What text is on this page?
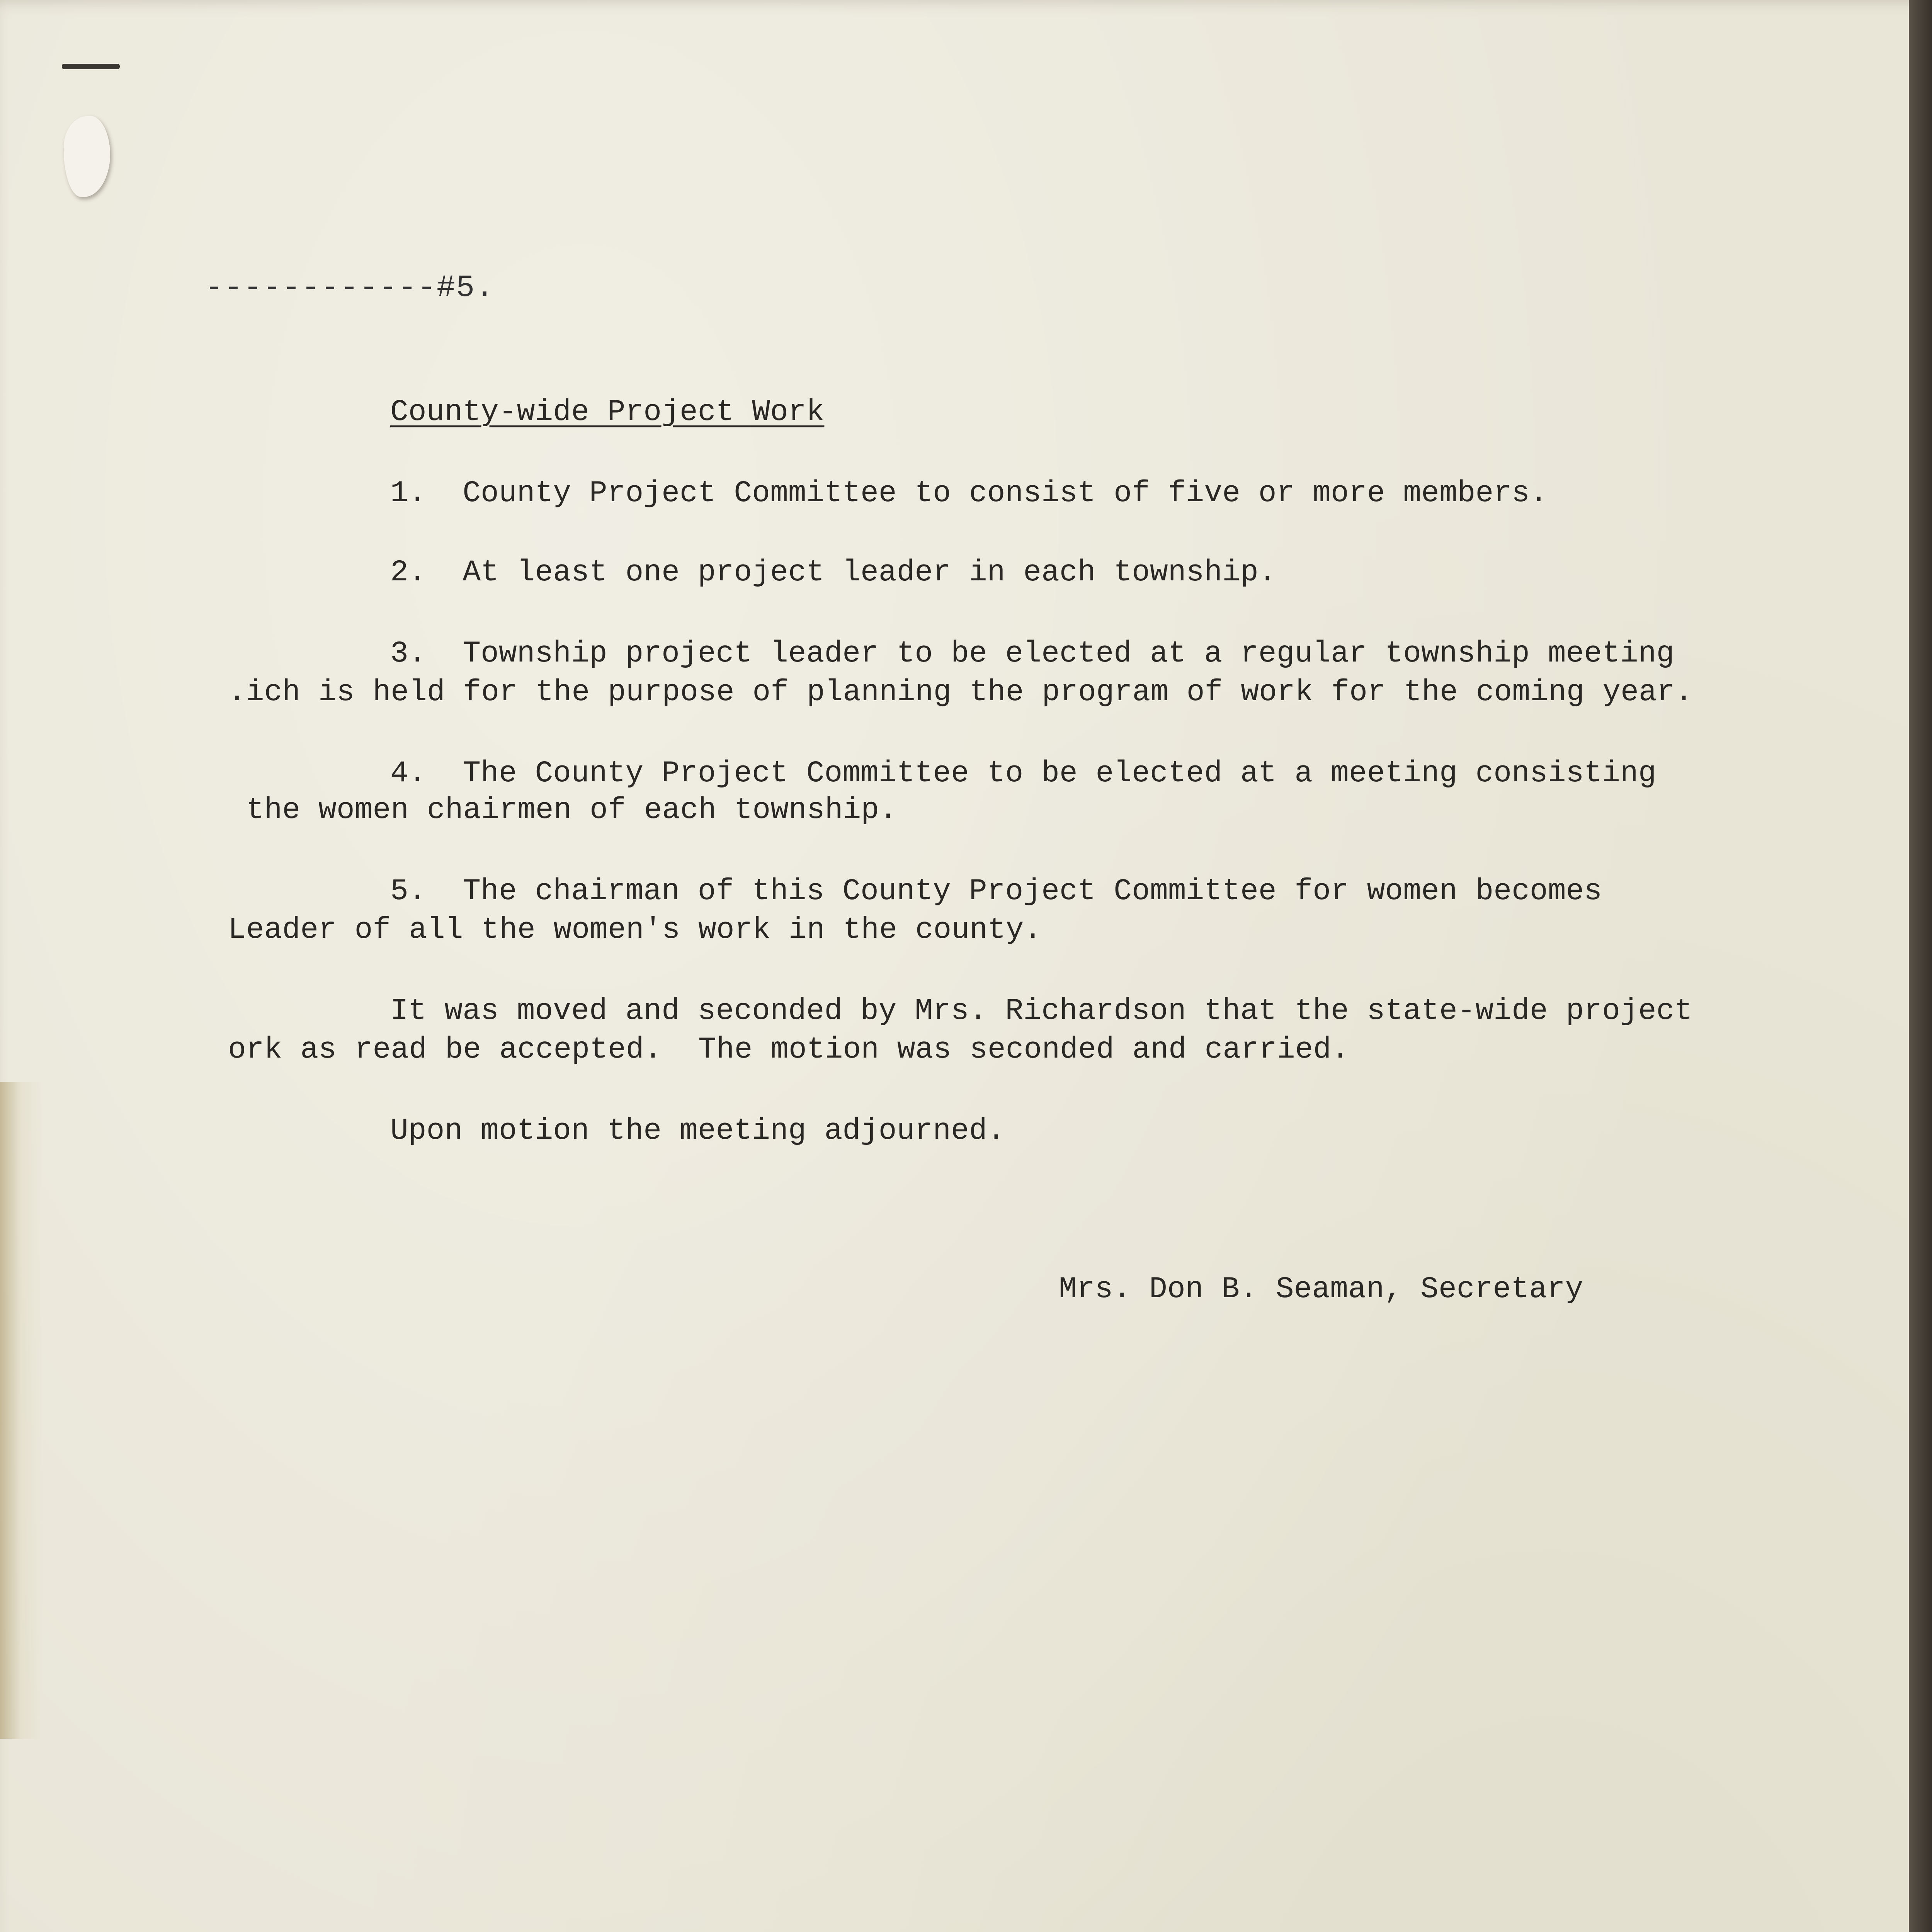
------------#5.
County-wide Project Work
1.  County Project Committee to consist of five or more members.
2.  At least one project leader in each township.
3.  Township project leader to be elected at a regular township meeting
.ich is held for the purpose of planning the program of work for the coming year.
4.  The County Project Committee to be elected at a meeting consisting
the women chairmen of each township.
5.  The chairman of this County Project Committee for women becomes
Leader of all the women's work in the county.
It was moved and seconded by Mrs. Richardson that the state-wide project
ork as read be accepted.  The motion was seconded and carried.
Upon motion the meeting adjourned.
Mrs. Don B. Seaman, Secretary
